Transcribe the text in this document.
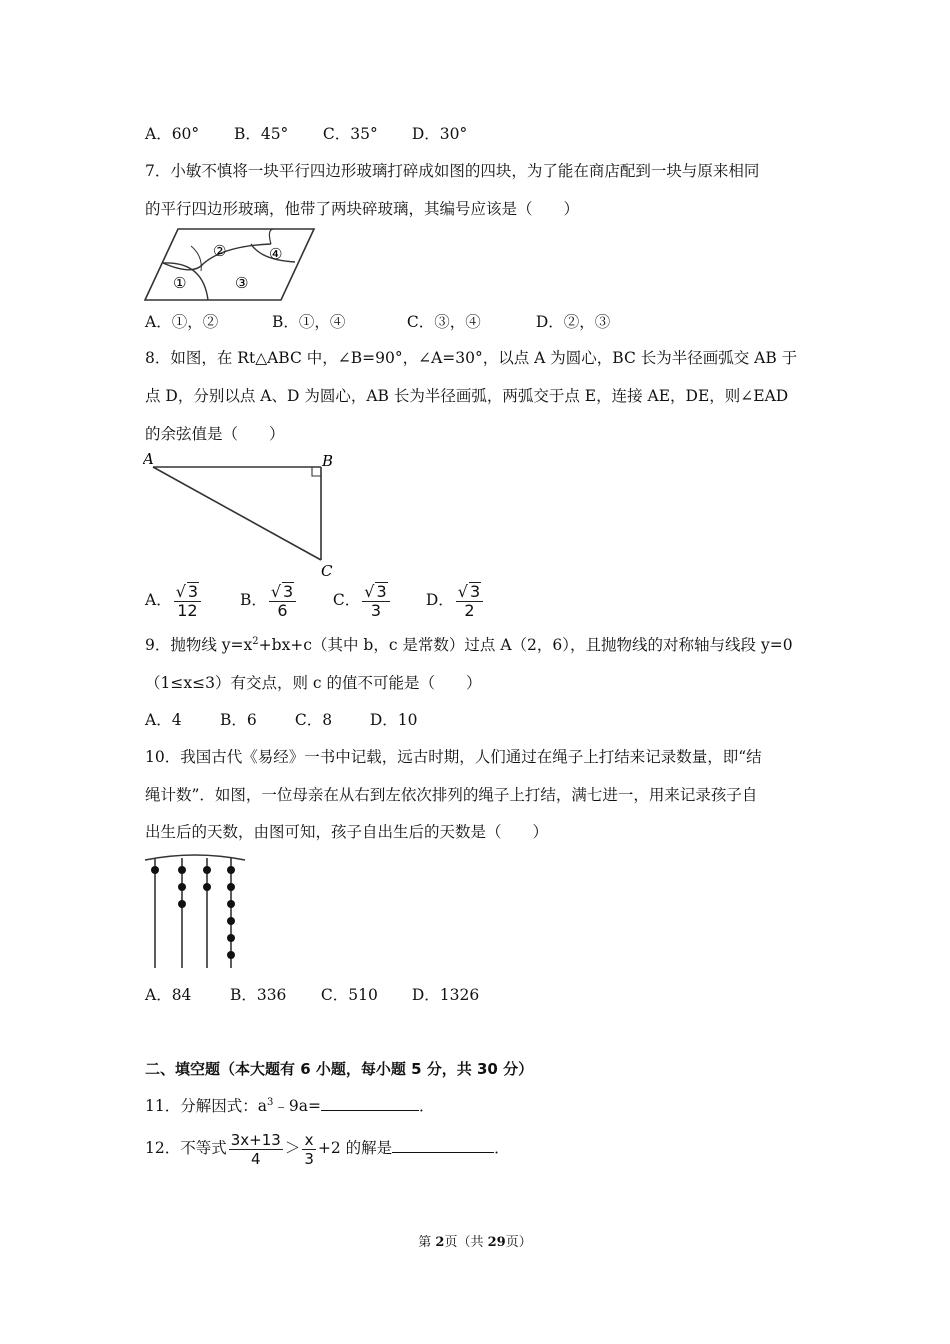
A．60° B．45° C．35° D．30°
7．小敏不慎将一块平行四边形玻璃打碎成如图的四块，为了能在商店配到一块与原来相同
的平行四边形玻璃，他带了两块碎玻璃，其编号应该是（　　）
②	④
①	③
A．①，②	B．①，④	C．③，④	D．②，③
8．如图，在 Rt△ABC 中，∠B=90°，∠A=30°，以点 A 为圆心，BC 长为半径画弧交 AB 于
点 D，分别以点 A、D 为圆心，AB 长为半径画弧，两弧交于点 E，连接 AE，DE，则∠EAD
的余弦值是（　　）
A	B
C
A． $\frac{√ 3}{12}$	B． $\frac{√ 3}{6}$ C． $\frac{√ 3}{3}$ D． $\frac{√ 3}{2}$
9．抛物线 $y=x^2+bx+c$（其中 b，c 是常数）过点 A（2，6），且抛物线的对称轴与线段 y=0
（1≤x≤3）有交点，则 c 的值不可能是（　　）
A．4 B．6 C．8 D．10
10．我国古代《易经》一书中记载，远古时期，人们通过在绳子上打结来记录数量，即“结
绳计数”．如图，一位母亲在从右到左依次排列的绳子上打结，满七进一，用来记录孩子自
出生后的天数，由图可知，孩子自出生后的天数是（　　）
A．84 B．336 C．510 D．1326
二、填空题（本大题有 6 小题，每小题 5 分，共 30 分）
11．分解因式：$a^3﹣9a=$	．
12．不等式 $\frac{3x+13}{4} > \frac{x}{3} +2$ 的解是	．
第 2页（共 29页）
